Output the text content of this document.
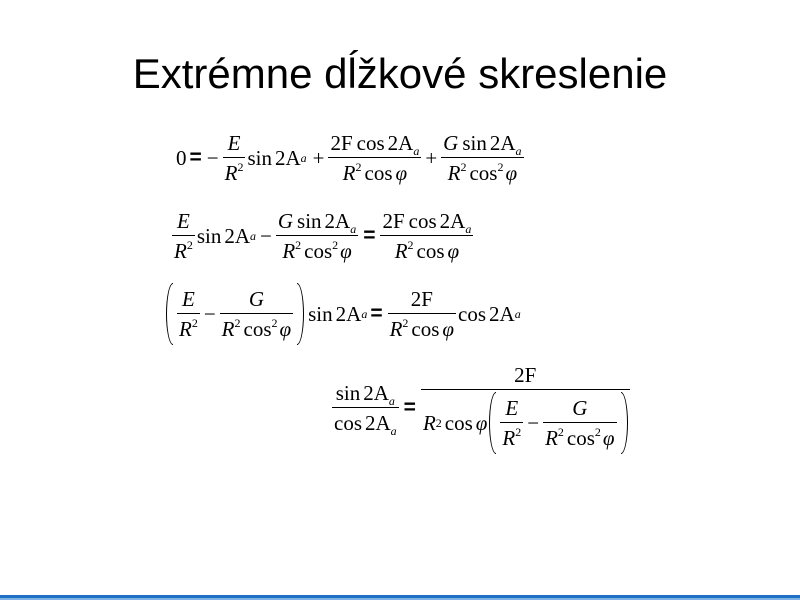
Extrémne dĺžkové skreslenie
0 = − $\frac{E}{R^2}$ sin 2A $a + \frac{2F \cos 2A_a}{R^2 \cos \varphi} + \frac{G \sin 2A_a}{R^2 \cos^2\varphi}$
$\frac{E}{R^2}$ sin 2A $a - \frac{G \sin 2A_a}{R^2 \cos^2\varphi} = \frac{2F \cos 2A_a}{R^2 \cos \varphi}$
$\frac{E}{R^2} - \frac{G}{R^2 \cos^2\varphi}$ sin 2A $a = \frac{2F}{R^2 \cos \varphi}$ cos 2A a
$\frac{\sin 2A_a}{\cos 2A_a}$ =
2F
R 2 cos φ $\frac{E}{R^2} - \frac{G}{R^2 \cos^2\varphi}$
